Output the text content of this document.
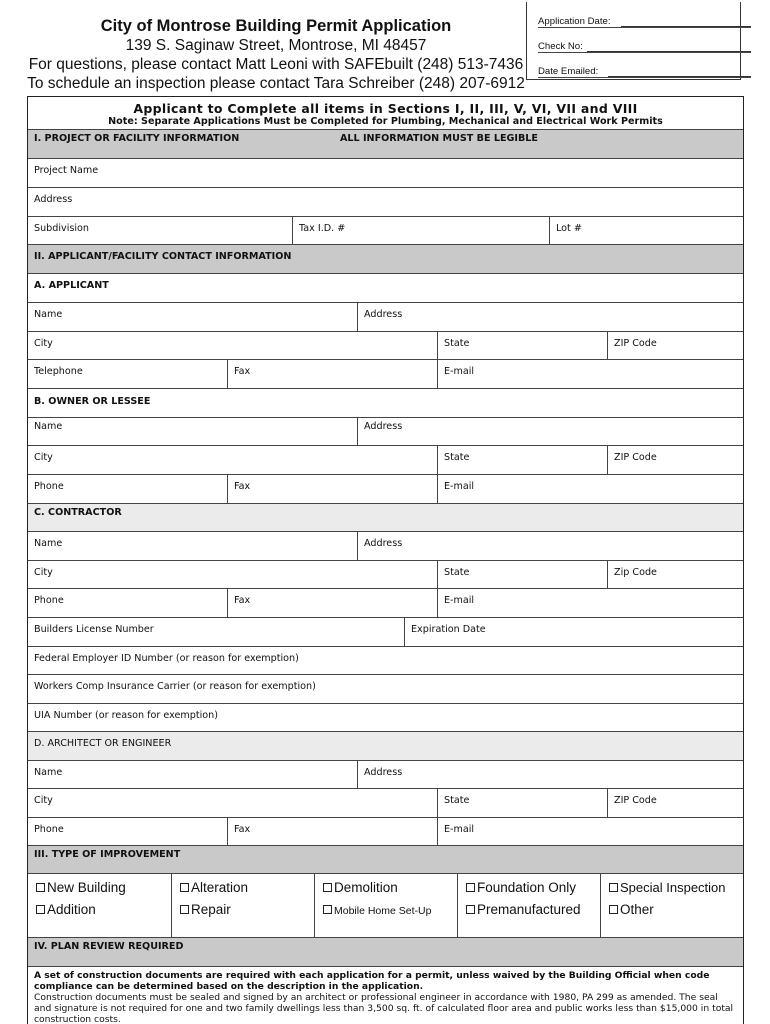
City of Montrose Building Permit Application
139 S. Saginaw Street, Montrose, MI 48457
For questions, please contact Matt Leoni with SAFEbuilt (248) 513-7436
To schedule an inspection please contact Tara Schreiber (248) 207-6912
Application Date:
Check No:
Date Emailed:
Applicant to Complete all items in Sections I, II, III, V, VI, VII and VIII
Note: Separate Applications Must be Completed for Plumbing, Mechanical and Electrical Work Permits
I. PROJECT OR FACILITY INFORMATION	ALL INFORMATION MUST BE LEGIBLE
Project Name
Address
Subdivision	Tax I.D. #	Lot #
II. APPLICANT/FACILITY CONTACT INFORMATION
A. APPLICANT
Name	Address
City	State	ZIP Code
Telephone	Fax	E-mail
B. OWNER OR LESSEE
Name	Address
City	State	ZIP Code
Phone	Fax	E-mail
C. CONTRACTOR
Name	Address
City	State	Zip Code
Phone	Fax	E-mail
Builders License Number	Expiration Date
Federal Employer ID Number (or reason for exemption)
Workers Comp Insurance Carrier (or reason for exemption)
UIA Number (or reason for exemption)
D. ARCHITECT OR ENGINEER
Name	Address
City	State	ZIP Code
Phone	Fax	E-mail
III. TYPE OF IMPROVEMENT
New Building
Addition
Alteration
Repair
Demolition
Mobile Home Set-Up
Foundation Only
Premanufactured
Special Inspection
Other
IV. PLAN REVIEW REQUIRED

A set of construction documents are required with each application for a permit, unless waived by the Building Official when code compliance can be determined based on the description in the application.

Construction documents must be sealed and signed by an architect or professional engineer in accordance with 1980, PA 299 as amended. The seal and signature is not required for one and two family dwellings less than 3,500 sq. ft. of calculated floor area and public works less than $15,000 in total construction costs.
